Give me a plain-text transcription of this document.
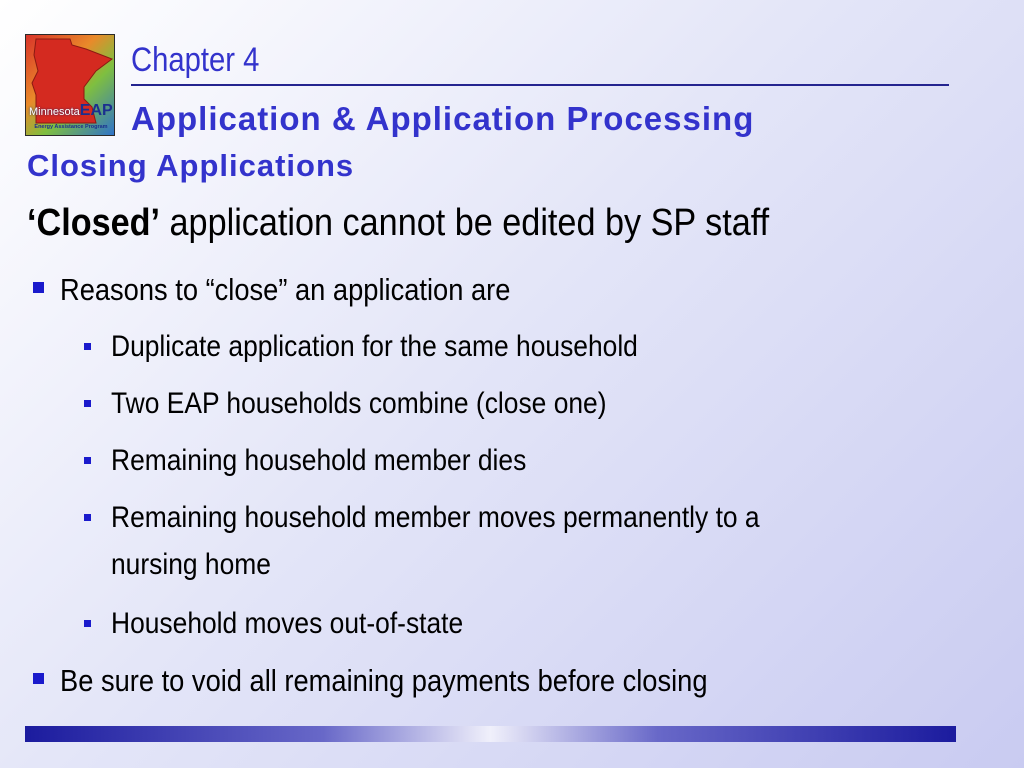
MinnesotaEAP
Energy Assistance Program
Chapter 4
Application & Application Processing
Closing Applications
‘Closed’ application cannot be edited by SP staff
Reasons to “close” an application are
Duplicate application for the same household
Two EAP households combine (close one)
Remaining household member dies
Remaining household member moves permanently to a
nursing home
Household moves out-of-state
Be sure to void all remaining payments before closing
